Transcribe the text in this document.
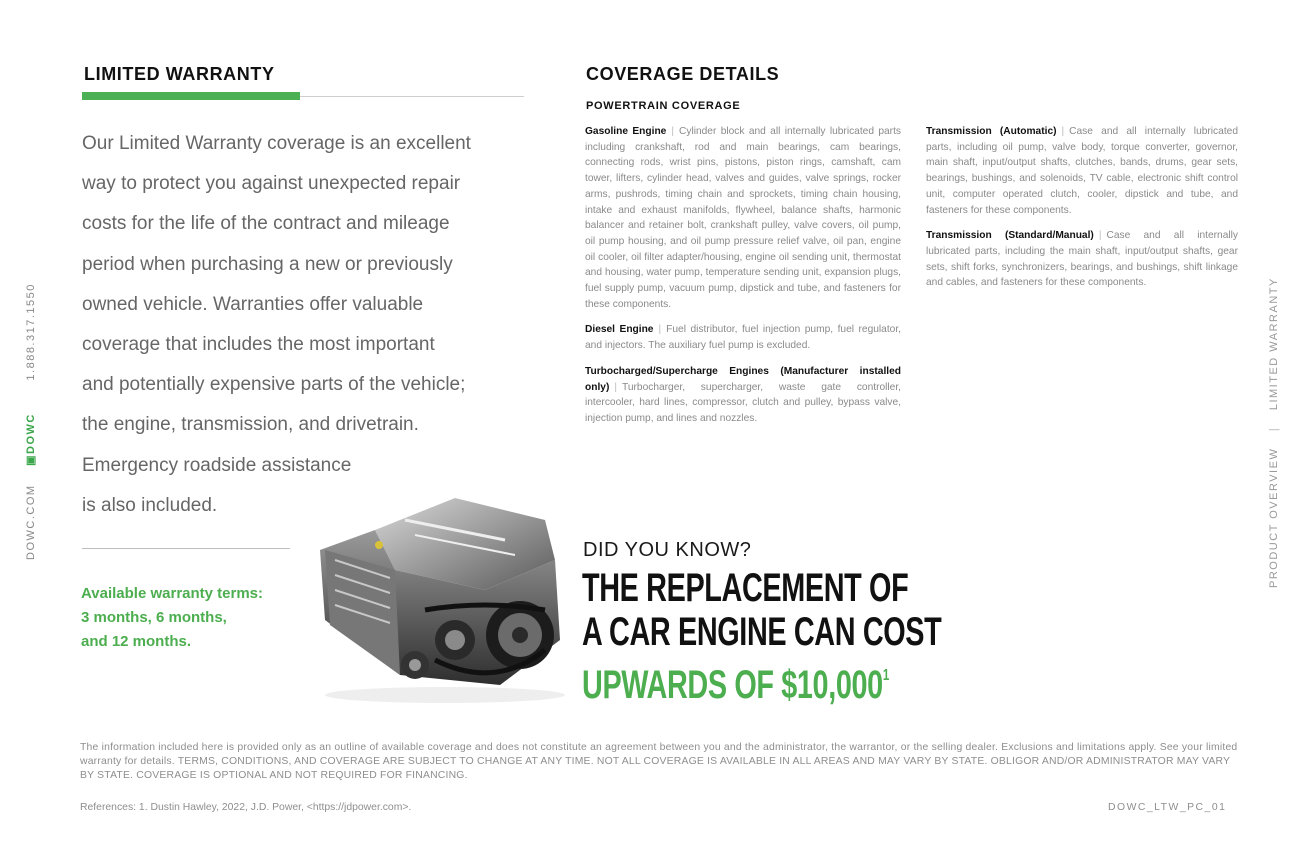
DOWC.COM ▣DOWC 1.888.317.1550
PRODUCT OVERVIEW | LIMITED WARRANTY
LIMITED WARRANTY

Our Limited Warranty coverage is an excellent

way to protect you against unexpected repair

costs for the life of the contract and mileage

period when purchasing a new or previously

owned vehicle. Warranties offer valuable

coverage that includes the most important

and potentially expensive parts of the vehicle;

the engine, transmission, and drivetrain.

Emergency roadside assistance

is also included.

Available warranty terms:
3 months, 6 months,
and 12 months.
COVERAGE DETAILS
POWERTRAIN COVERAGE
Gasoline Engine | Cylinder block and all internally lubricated parts including crankshaft, rod and main bearings, cam bearings, connecting rods, wrist pins, pistons, piston rings, camshaft, cam tower, lifters, cylinder head, valves and guides, valve springs, rocker arms, pushrods, timing chain and sprockets, timing chain housing, intake and exhaust manifolds, flywheel, balance shafts, harmonic balancer and retainer bolt, crankshaft pulley, valve covers, oil pump, oil pump housing, and oil pump pressure relief valve, oil pan, engine oil cooler, oil filter adapter/housing, engine oil sending unit, thermostat and housing, water pump, temperature sending unit, expansion plugs, fuel supply pump, vacuum pump, dipstick and tube, and fasteners for these components.
Diesel Engine | Fuel distributor, fuel injection pump, fuel regulator, and injectors. The auxiliary fuel pump is excluded.
Turbocharged/Supercharge Engines (Manufacturer installed only) | Turbocharger, supercharger, waste gate controller, intercooler, hard lines, compressor, clutch and pulley, bypass valve, injection pump, and lines and nozzles.
Transmission (Automatic) | Case and all internally lubricated parts, including oil pump, valve body, torque converter, governor, main shaft, input/output shafts, clutches, bands, drums, gear sets, bearings, bushings, and solenoids, TV cable, electronic shift control unit, computer operated clutch, cooler, dipstick and tube, and fasteners for these components.
Transmission (Standard/Manual) | Case and all internally lubricated parts, including the main shaft, input/output shafts, gear sets, shift forks, synchronizers, bearings, and bushings, shift linkage and cables, and fasteners for these components.
DID YOU KNOW?
THE REPLACEMENT OF
A CAR ENGINE CAN COST
UPWARDS OF $10,000$^1$
The information included here is provided only as an outline of available coverage and does not constitute an agreement between you and the administrator, the warrantor, or the selling dealer. Exclusions and limitations apply. See your limited warranty for details. TERMS, CONDITIONS, AND COVERAGE ARE SUBJECT TO CHANGE AT ANY TIME. NOT ALL COVERAGE IS AVAILABLE IN ALL AREAS AND MAY VARY BY STATE. OBLIGOR AND/OR ADMINISTRATOR MAY VARY BY STATE. COVERAGE IS OPTIONAL AND NOT REQUIRED FOR FINANCING.
References: 1. Dustin Hawley, 2022, J.D. Power, <https://jdpower.com>.	DOWC_LTW_PC_01
